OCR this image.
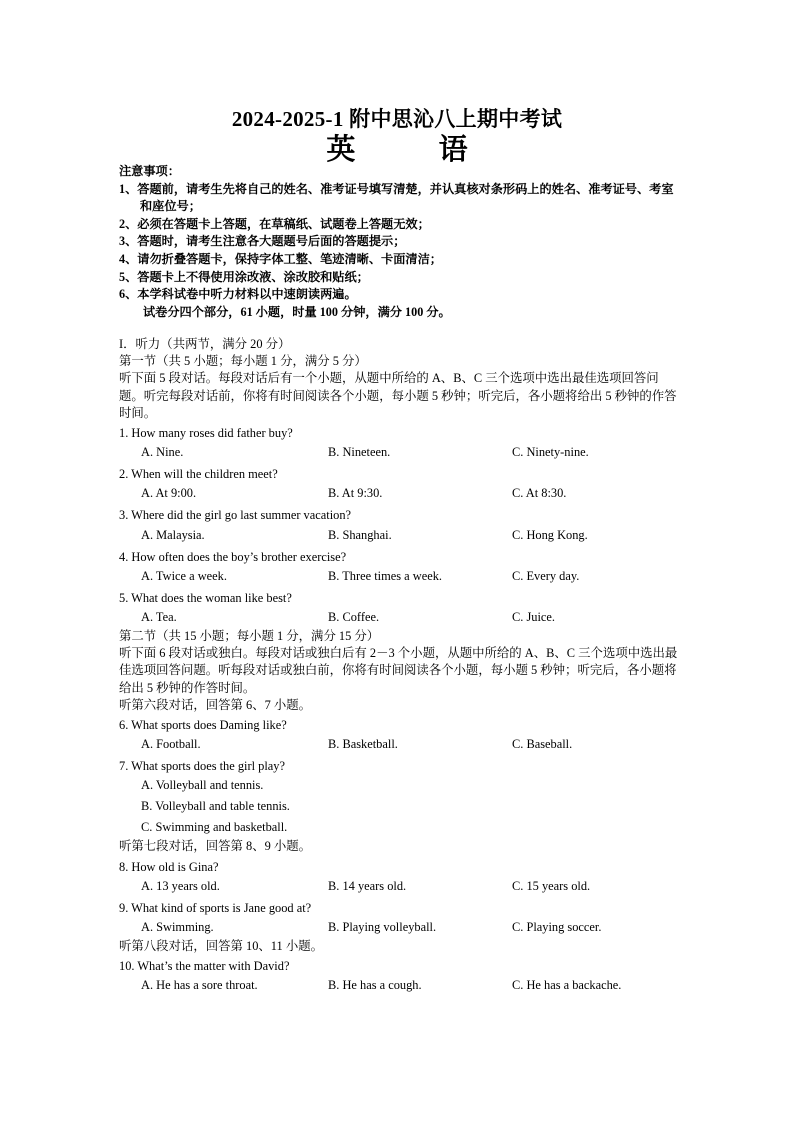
2024-2025-1 附中思沁八上期中考试
英 语
注意事项：
1、答题前，请考生先将自己的姓名、准考证号填写清楚，并认真核对条形码上的姓名、准考证号、考室和座位号；
2、必须在答题卡上答题，在草稿纸、试题卷上答题无效；
3、答题时，请考生注意各大题题号后面的答题提示；
4、请勿折叠答题卡，保持字体工整、笔迹清晰、卡面清洁；
5、答题卡上不得使用涂改液、涂改胶和贴纸；
6、本学科试卷中听力材料以中速朗读两遍。
试卷分四个部分，61 小题，时量 100 分钟，满分 100 分。
I．听力（共两节，满分 20 分）
第一节（共 5 小题；每小题 1 分，满分 5 分）
听下面 5 段对话。每段对话后有一个小题，从题中所给的 A、B、C 三个选项中选出最佳选项回答问题。听完每段对话前，你将有时间阅读各个小题，每小题 5 秒钟；听完后，各小题将给出 5 秒钟的作答时间。
1. How many roses did father buy?
A. Nine.	B. Nineteen.	C. Ninety-nine.
2. When will the children meet?
A. At 9:00.	B. At 9:30.	C. At 8:30.
3. Where did the girl go last summer vacation?
A. Malaysia.	B. Shanghai.	C. Hong Kong.
4. How often does the boy’s brother exercise?
A. Twice a week.	B. Three times a week.	C. Every day.
5. What does the woman like best?
A. Tea.	B. Coffee.	C. Juice.
第二节（共 15 小题；每小题 1 分，满分 15 分）
听下面 6 段对话或独白。每段对话或独白后有 2－3 个小题，从题中所给的 A、B、C 三个选项中选出最佳选项回答问题。听每段对话或独白前，你将有时间阅读各个小题，每小题 5 秒钟；听完后，各小题将给出 5 秒钟的作答时间。
听第六段对话，回答第 6、7 小题。
6. What sports does Daming like?
A. Football.	B. Basketball.	C. Baseball.
7. What sports does the girl play?
A. Volleyball and tennis.
B. Volleyball and table tennis.
C. Swimming and basketball.
听第七段对话，回答第 8、9 小题。
8. How old is Gina?
A. 13 years old.	B. 14 years old.	C. 15 years old.
9. What kind of sports is Jane good at?
A. Swimming.	B. Playing volleyball.	C. Playing soccer.
听第八段对话，回答第 10、11 小题。
10. What’s the matter with David?
A. He has a sore throat.	B. He has a cough.	C. He has a backache.
